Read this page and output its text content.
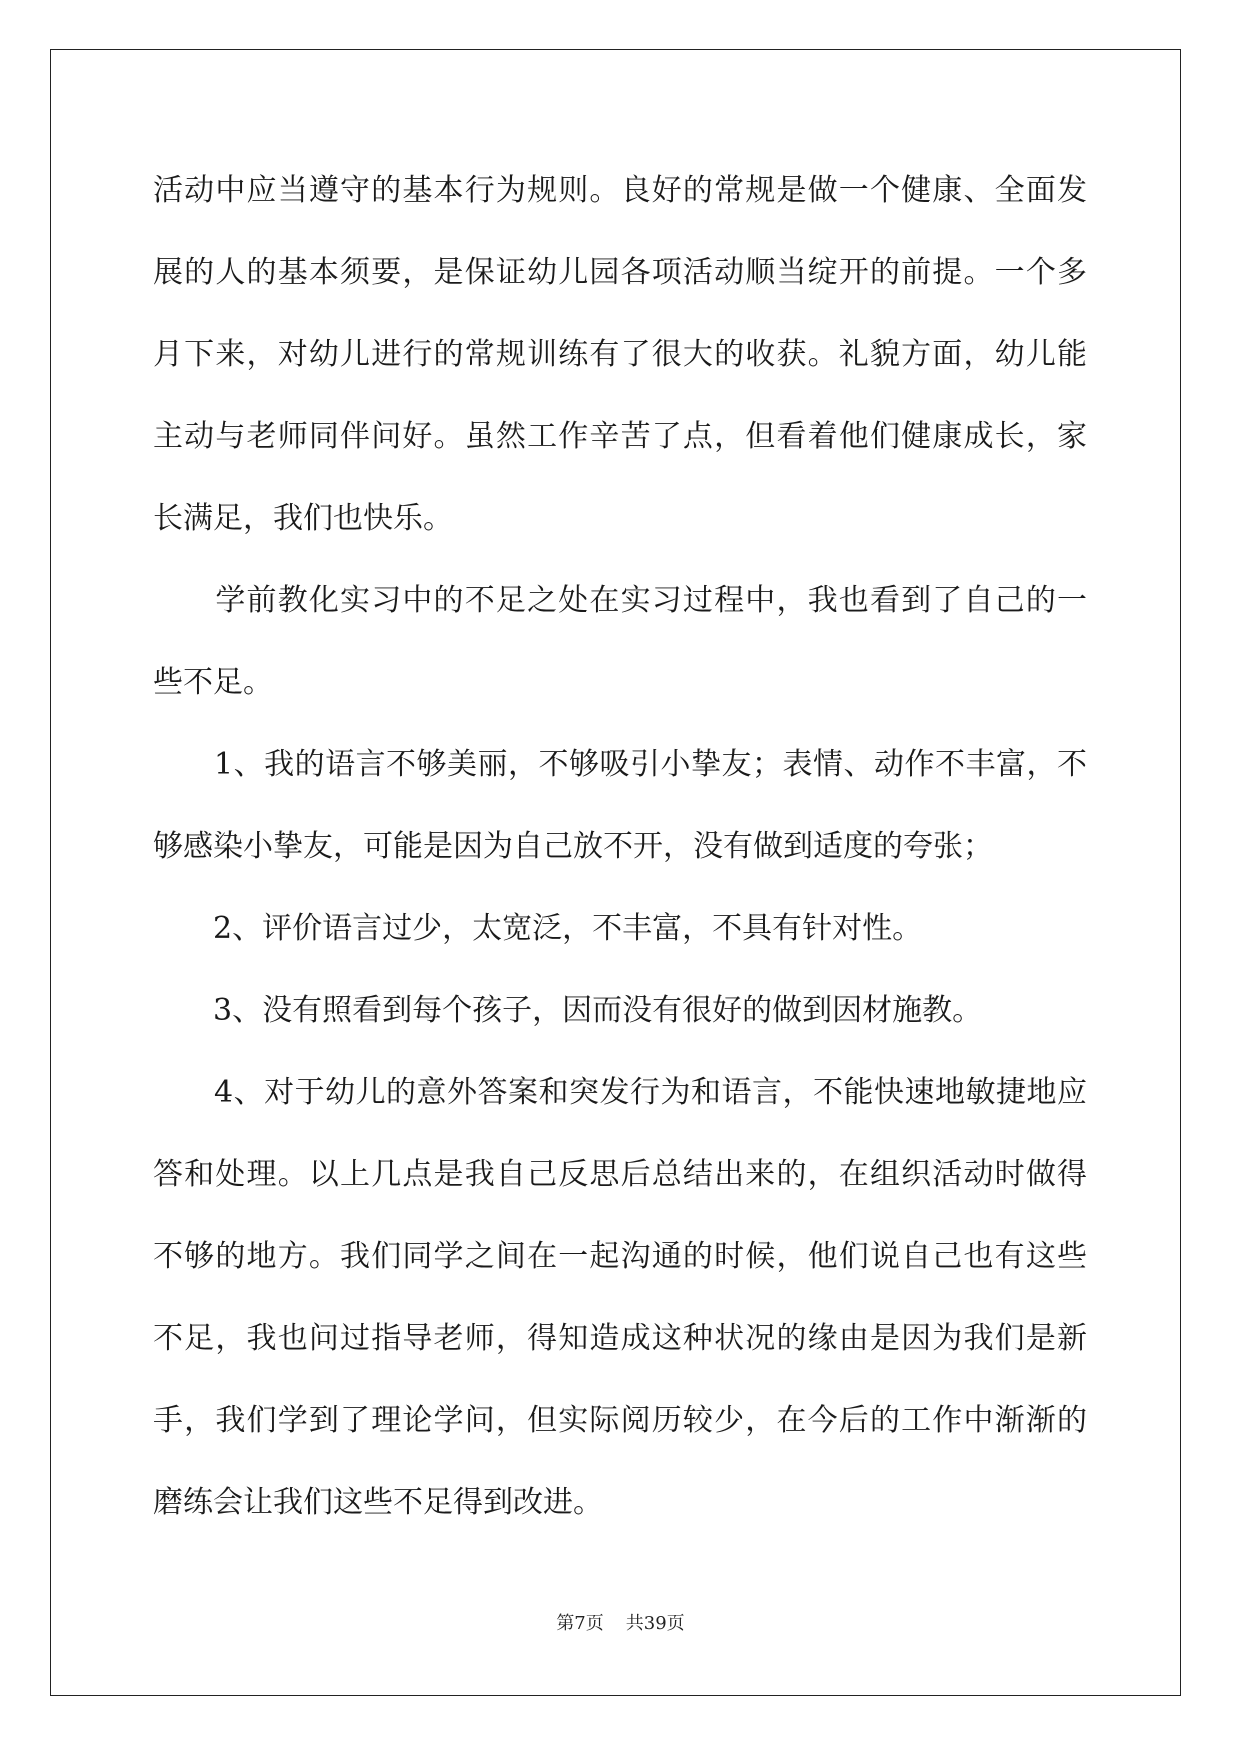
活动中应当遵守的基本行为规则。良好的常规是做一个健康、全面发
展的人的基本须要，是保证幼儿园各项活动顺当绽开的前提。一个多
月下来，对幼儿进行的常规训练有了很大的收获。礼貌方面，幼儿能
主动与老师同伴问好。虽然工作辛苦了点，但看着他们健康成长，家
长满足，我们也快乐。
　　学前教化实习中的不足之处在实习过程中，我也看到了自己的一
些不足。
　　1、我的语言不够美丽，不够吸引小挚友；表情、动作不丰富，不
够感染小挚友，可能是因为自己放不开，没有做到适度的夸张；
　　2、评价语言过少，太宽泛，不丰富，不具有针对性。
　　3、没有照看到每个孩子，因而没有很好的做到因材施教。
　　4、对于幼儿的意外答案和突发行为和语言，不能快速地敏捷地应
答和处理。以上几点是我自己反思后总结出来的，在组织活动时做得
不够的地方。我们同学之间在一起沟通的时候，他们说自己也有这些
不足，我也问过指导老师，得知造成这种状况的缘由是因为我们是新
手，我们学到了理论学问，但实际阅历较少，在今后的工作中渐渐的
磨练会让我们这些不足得到改进。
第7页 共39页
